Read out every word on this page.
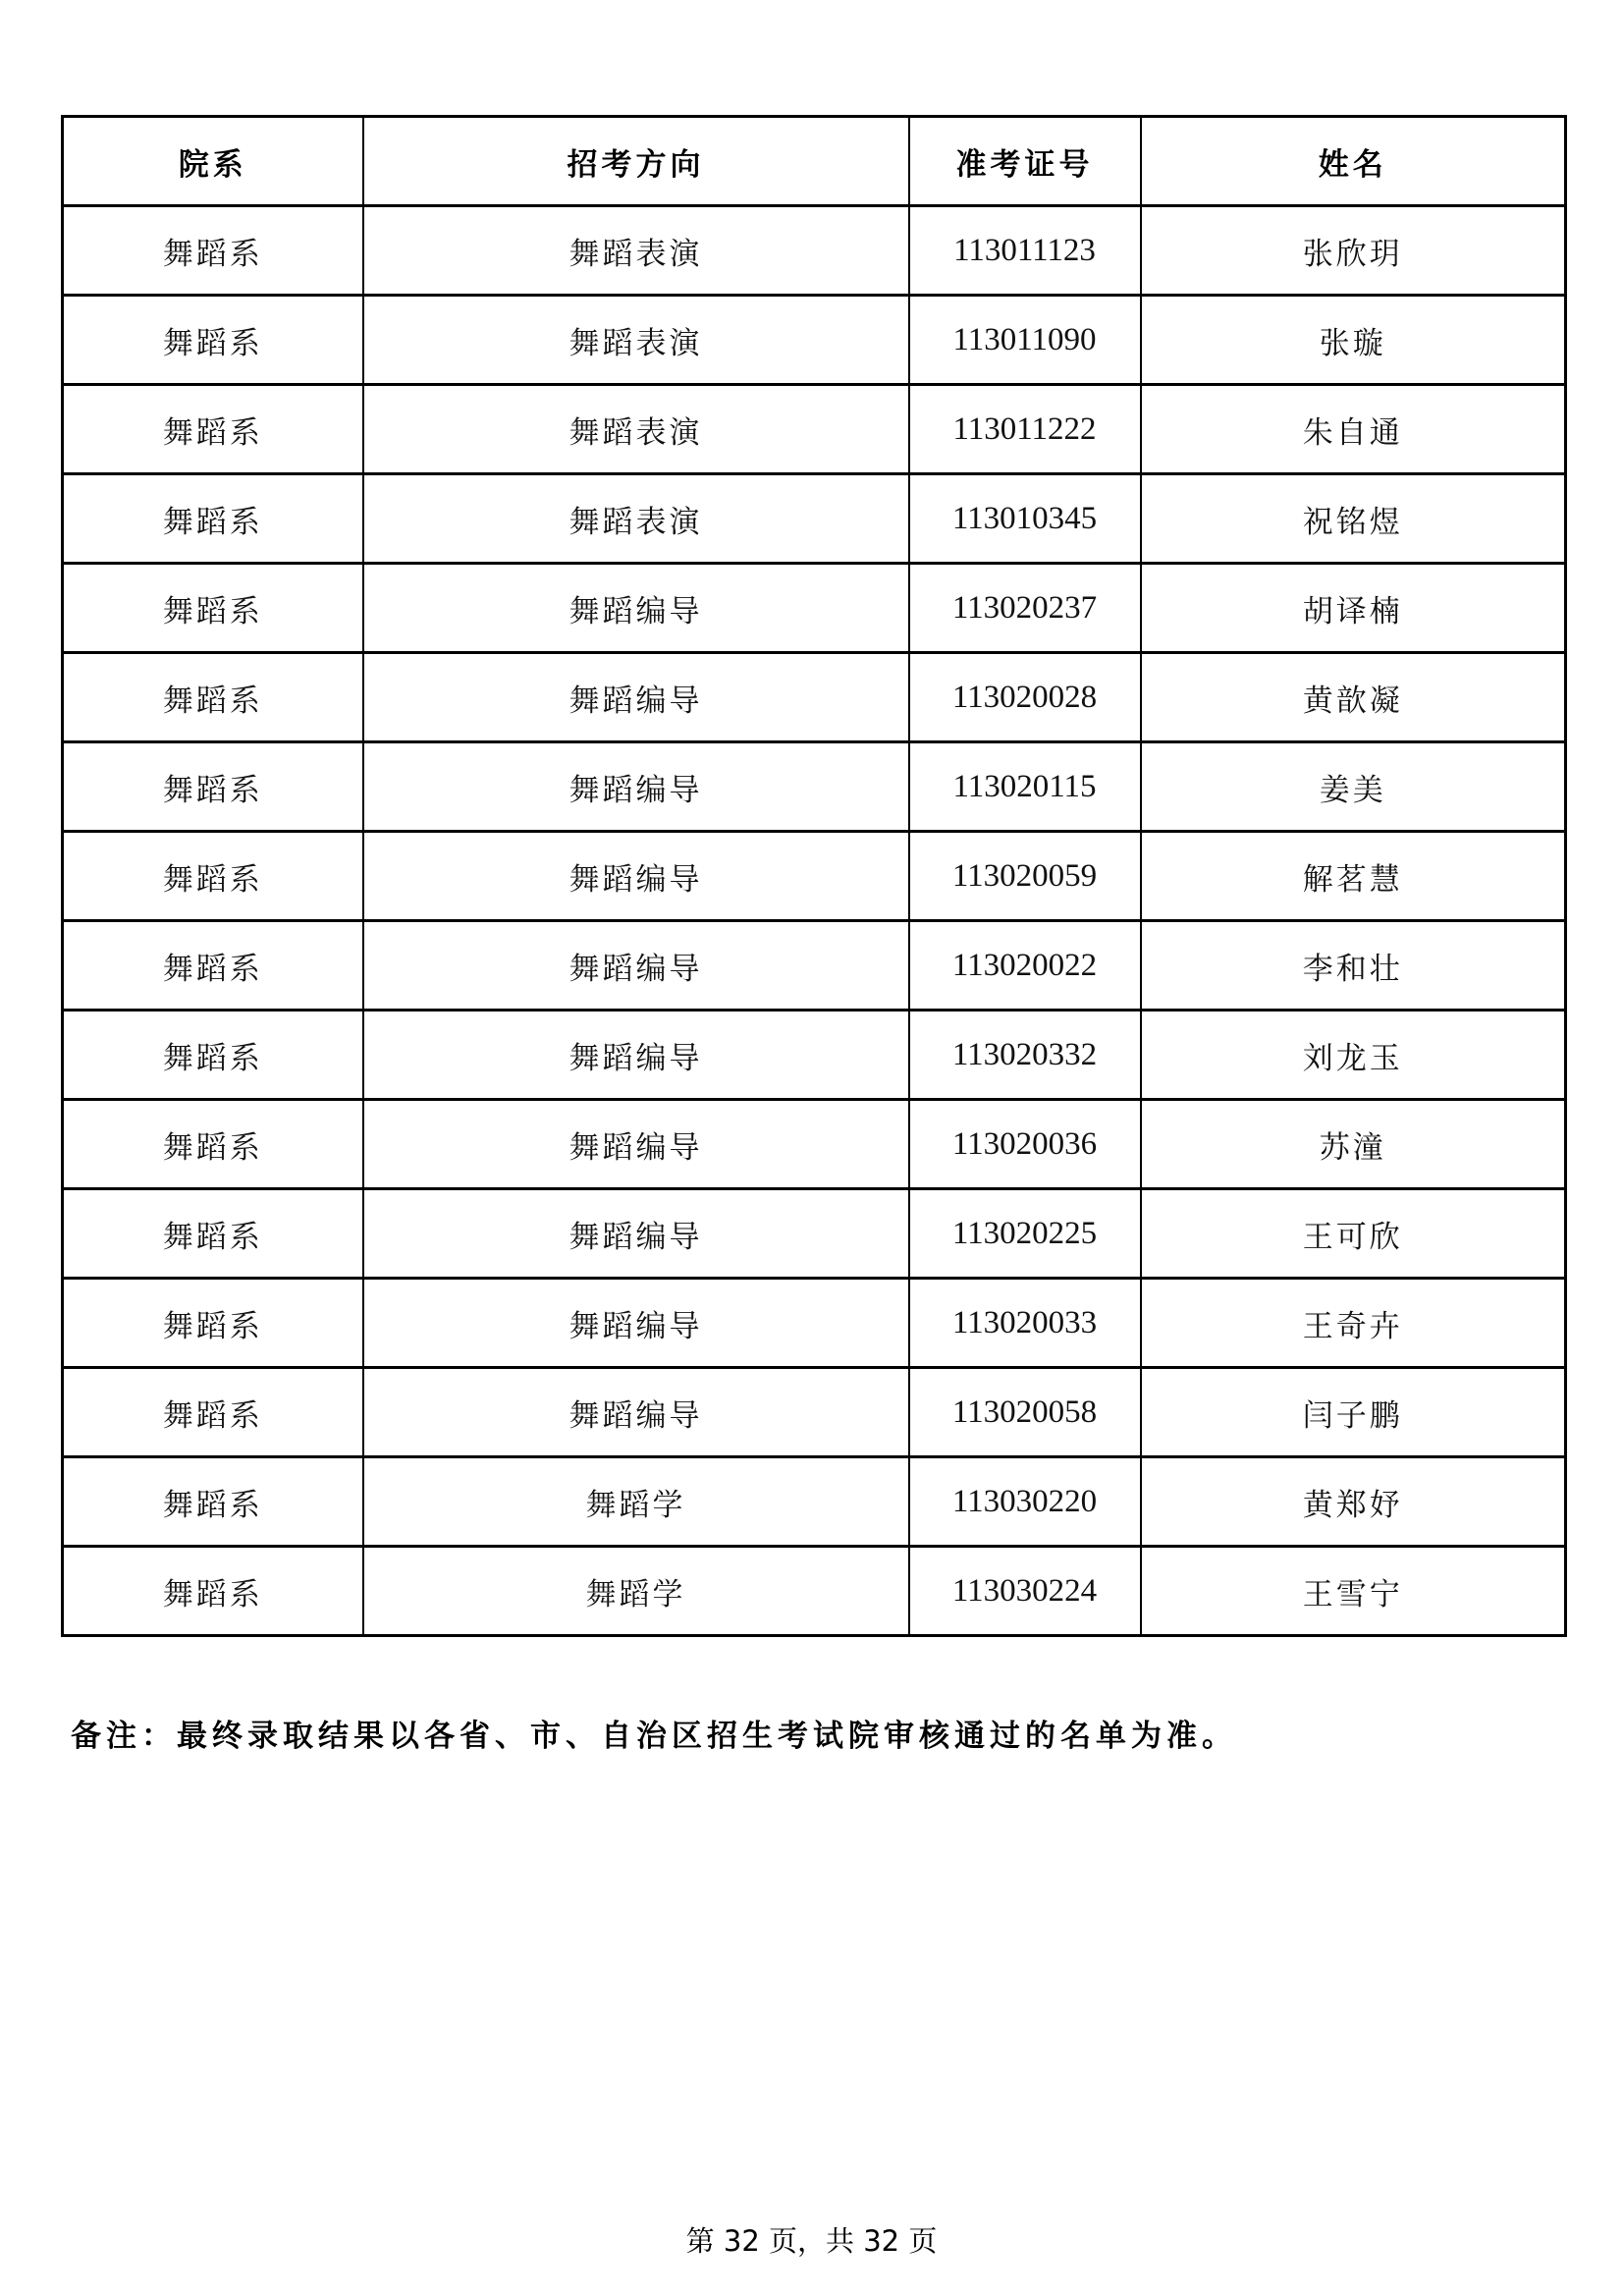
院系	招考方向	准考证号	姓名
舞蹈系	舞蹈表演	113011123	张欣玥
舞蹈系	舞蹈表演	113011090	张璇
舞蹈系	舞蹈表演	113011222	朱自通
舞蹈系	舞蹈表演	113010345	祝铭煜
舞蹈系	舞蹈编导	113020237	胡译楠
舞蹈系	舞蹈编导	113020028	黄歆凝
舞蹈系	舞蹈编导	113020115	姜美
舞蹈系	舞蹈编导	113020059	解茗慧
舞蹈系	舞蹈编导	113020022	李和壮
舞蹈系	舞蹈编导	113020332	刘龙玉
舞蹈系	舞蹈编导	113020036	苏潼
舞蹈系	舞蹈编导	113020225	王可欣
舞蹈系	舞蹈编导	113020033	王奇卉
舞蹈系	舞蹈编导	113020058	闫子鹏
舞蹈系	舞蹈学	113030220	黄郑妤
舞蹈系	舞蹈学	113030224	王雪宁
备注：最终录取结果以各省、市、自治区招生考试院审核通过的名单为准。
第 32 页，共 32 页
